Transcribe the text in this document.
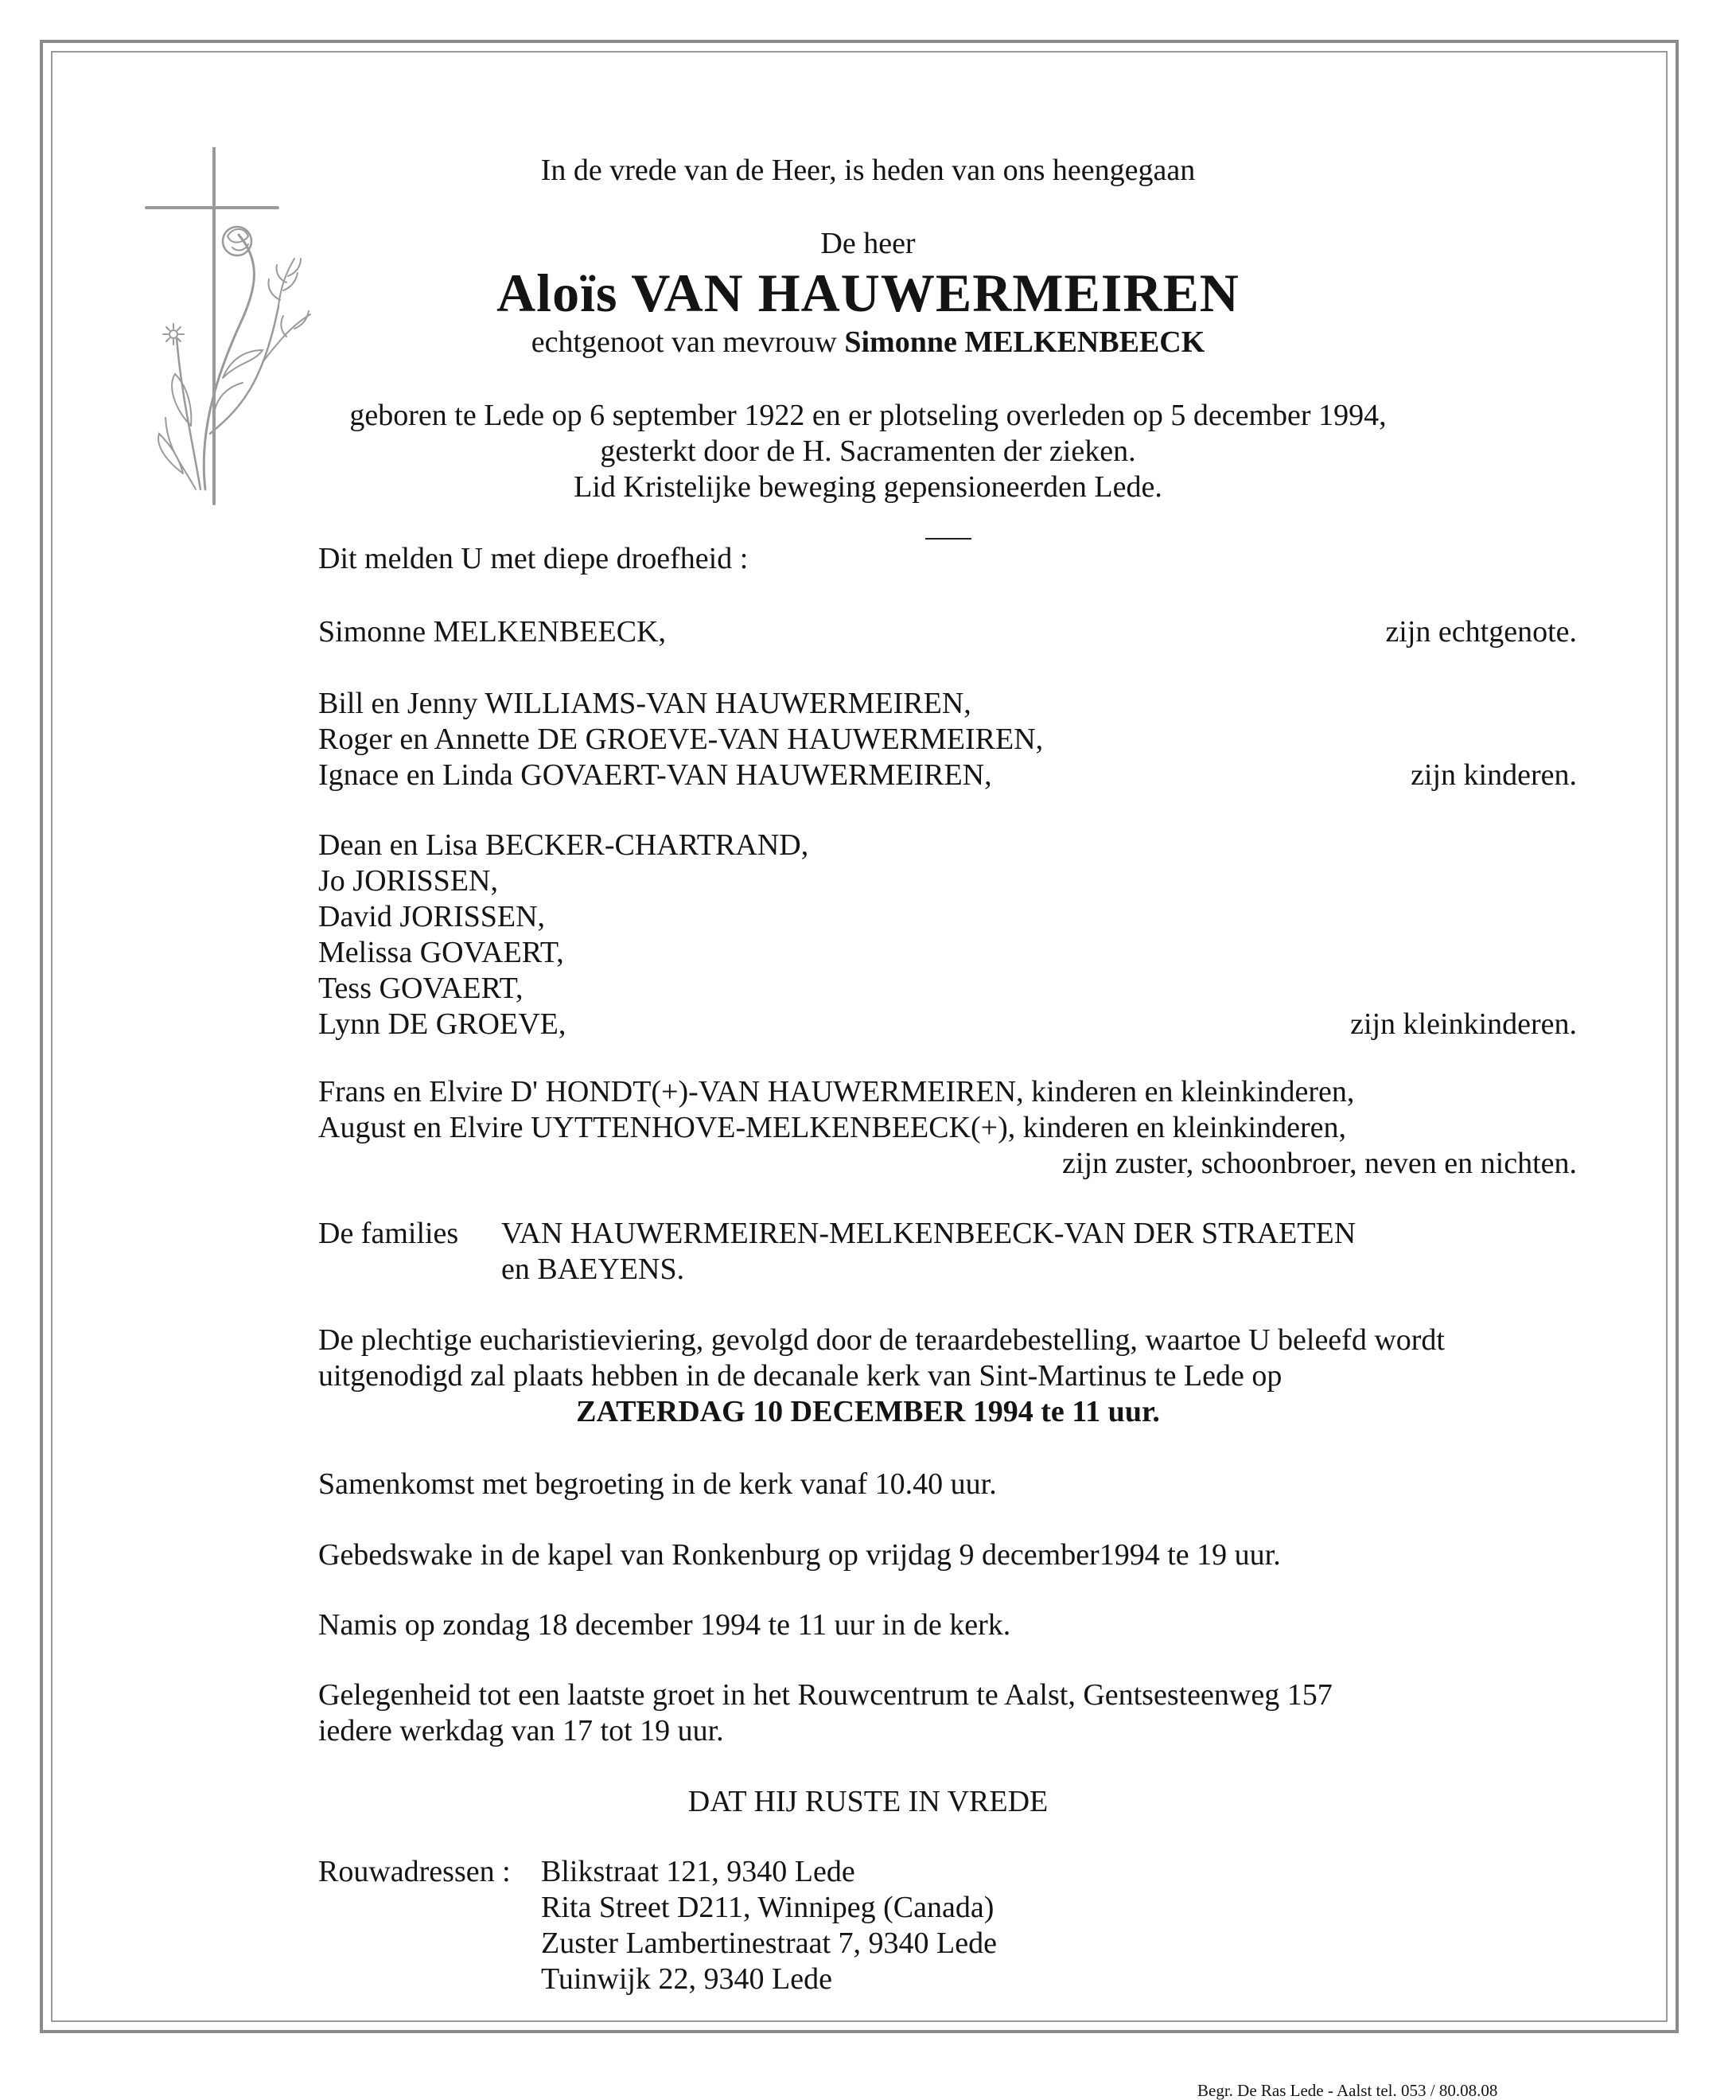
In de vrede van de Heer, is heden van ons heengegaan

De heer

Aloïs VAN HAUWERMEIREN

echtgenoot van mevrouw Simonne MELKENBEECK

geboren te Lede op 6 september 1922 en er plotseling overleden op 5 december 1994,

gesterkt door de H. Sacramenten der zieken.

Lid Kristelijke beweging gepensioneerden Lede.

Dit melden U met diepe droefheid :

Simonne MELKENBEECK,	zijn echtgenote.

Bill en Jenny WILLIAMS-VAN HAUWERMEIREN,

Roger en Annette DE GROEVE-VAN HAUWERMEIREN,

Ignace en Linda GOVAERT-VAN HAUWERMEIREN,	zijn kinderen.

Dean en Lisa BECKER-CHARTRAND,

Jo JORISSEN,

David JORISSEN,

Melissa GOVAERT,

Tess GOVAERT,

Lynn DE GROEVE,	zijn kleinkinderen.

Frans en Elvire D' HONDT(+)-VAN HAUWERMEIREN, kinderen en kleinkinderen,

August en Elvire UYTTENHOVE-MELKENBEECK(+), kinderen en kleinkinderen,

zijn zuster, schoonbroer, neven en nichten.

De families VAN HAUWERMEIREN-MELKENBEECK-VAN DER STRAETEN

en BAEYENS.

De plechtige eucharistieviering, gevolgd door de teraardebestelling, waartoe U beleefd wordt

uitgenodigd zal plaats hebben in de decanale kerk van Sint-Martinus te Lede op

ZATERDAG 10 DECEMBER 1994 te 11 uur.

Samenkomst met begroeting in de kerk vanaf 10.40 uur.

Gebedswake in de kapel van Ronkenburg op vrijdag 9 december1994 te 19 uur.

Namis op zondag 18 december 1994 te 11 uur in de kerk.

Gelegenheid tot een laatste groet in het Rouwcentrum te Aalst, Gentsesteenweg 157

iedere werkdag van 17 tot 19 uur.

DAT HIJ RUSTE IN VREDE

Rouwadressen : Blikstraat 121, 9340 Lede

Rita Street D211, Winnipeg (Canada)

Zuster Lambertinestraat 7, 9340 Lede

Tuinwijk 22, 9340 Lede

Begr. De Ras Lede - Aalst tel. 053 / 80.08.08
